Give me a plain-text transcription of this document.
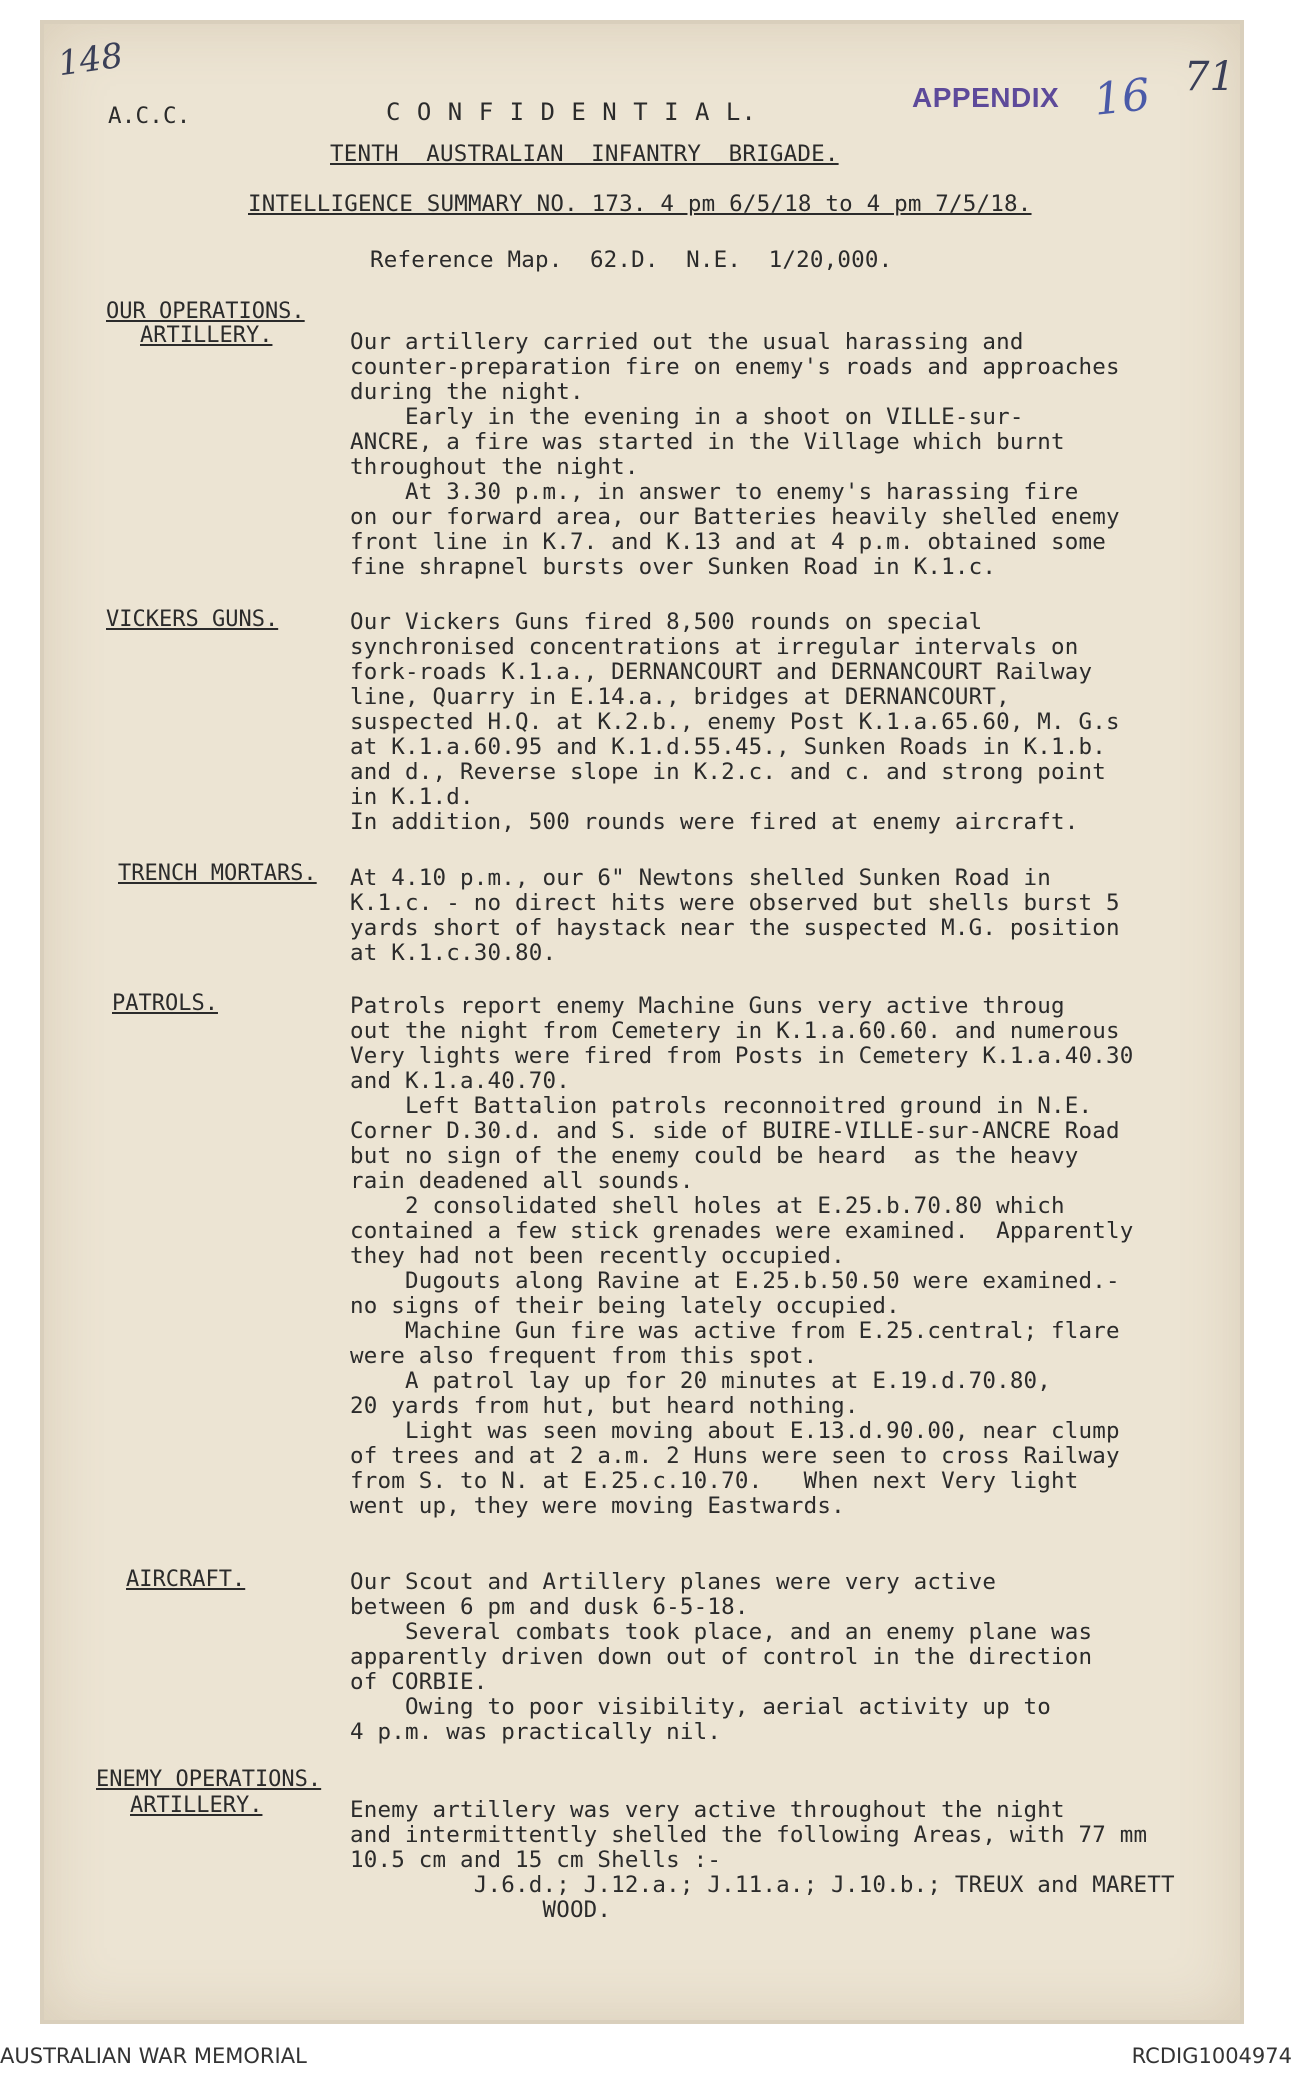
148	71
APPENDIX 16
A.C.C.	C O N F I D E N T I A L.
TENTH  AUSTRALIAN  INFANTRY  BRIGADE.
INTELLIGENCE SUMMARY NO. 173. 4 pm 6/5/18 to 4 pm 7/5/18.
Reference Map.  62.D.  N.E.  1/20,000.
OUR OPERATIONS.
ARTILLERY.	Our artillery carried out the usual harassing and
counter-preparation fire on enemy's roads and approaches
during the night.
Early in the evening in a shoot on VILLE-sur-
ANCRE, a fire was started in the Village which burnt
throughout the night.
At 3.30 p.m., in answer to enemy's harassing fire
on our forward area, our Batteries heavily shelled enemy
front line in K.7. and K.13 and at 4 p.m. obtained some
fine shrapnel bursts over Sunken Road in K.1.c.
VICKERS GUNS.	Our Vickers Guns fired 8,500 rounds on special
synchronised concentrations at irregular intervals on
fork-roads K.1.a., DERNANCOURT and DERNANCOURT Railway
line, Quarry in E.14.a., bridges at DERNANCOURT,
suspected H.Q. at K.2.b., enemy Post K.1.a.65.60, M. G.s
at K.1.a.60.95 and K.1.d.55.45., Sunken Roads in K.1.b.
and d., Reverse slope in K.2.c. and c. and strong point
in K.1.d.
In addition, 500 rounds were fired at enemy aircraft.
TRENCH MORTARS. At 4.10 p.m., our 6" Newtons shelled Sunken Road in
K.1.c. - no direct hits were observed but shells burst 5
yards short of haystack near the suspected M.G. position
at K.1.c.30.80.
PATROLS.	Patrols report enemy Machine Guns very active throug
out the night from Cemetery in K.1.a.60.60. and numerous
Very lights were fired from Posts in Cemetery K.1.a.40.30
and K.1.a.40.70.
Left Battalion patrols reconnoitred ground in N.E.
Corner D.30.d. and S. side of BUIRE-VILLE-sur-ANCRE Road
but no sign of the enemy could be heard  as the heavy
rain deadened all sounds.
2 consolidated shell holes at E.25.b.70.80 which
contained a few stick grenades were examined.  Apparently
they had not been recently occupied.
Dugouts along Ravine at E.25.b.50.50 were examined.-
no signs of their being lately occupied.
Machine Gun fire was active from E.25.central; flare
were also frequent from this spot.
A patrol lay up for 20 minutes at E.19.d.70.80,
20 yards from hut, but heard nothing.
Light was seen moving about E.13.d.90.00, near clump
of trees and at 2 a.m. 2 Huns were seen to cross Railway
from S. to N. at E.25.c.10.70.   When next Very light
went up, they were moving Eastwards.
AIRCRAFT.	Our Scout and Artillery planes were very active
between 6 pm and dusk 6-5-18.
Several combats took place, and an enemy plane was
apparently driven down out of control in the direction
of CORBIE.
Owing to poor visibility, aerial activity up to
4 p.m. was practically nil.
ENEMY OPERATIONS.
ARTILLERY.	Enemy artillery was very active throughout the night
and intermittently shelled the following Areas, with 77 mm
10.5 cm and 15 cm Shells :-
J.6.d.; J.12.a.; J.11.a.; J.10.b.; TREUX and MARETT
WOOD.
AUSTRALIAN WAR MEMORIAL	RCDIG1004974
